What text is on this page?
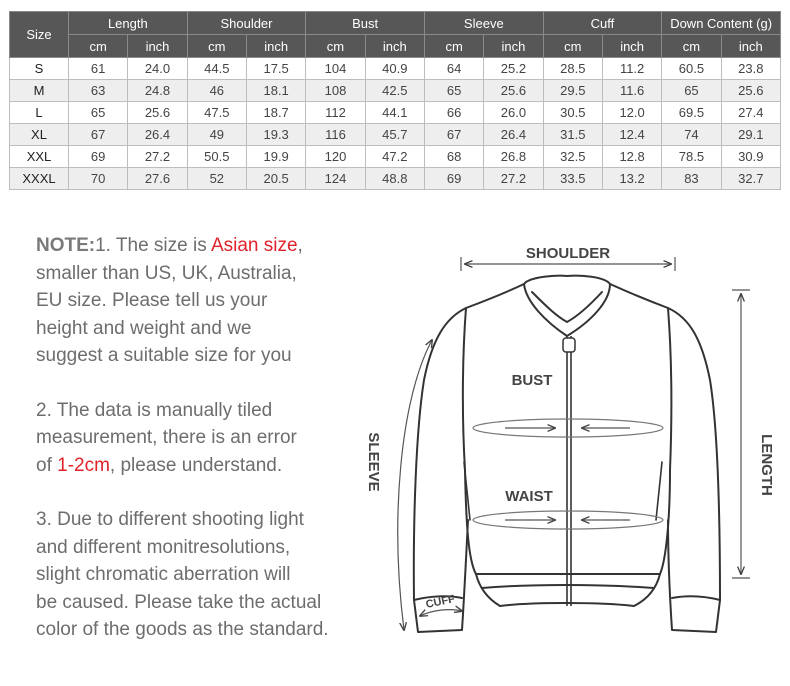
Size	Length		Shoulder		Bust		Sleeve		Cuff		Down Content (g)	
	cm	inch	cm	inch	cm	inch	cm	inch	cm	inch	cm	inch
S	61	24.0	44.5	17.5	104	40.9	64	25.2	28.5	11.2	60.5	23.8
M	63	24.8	46	18.1	108	42.5	65	25.6	29.5	11.6	65	25.6
L	65	25.6	47.5	18.7	112	44.1	66	26.0	30.5	12.0	69.5	27.4
XL	67	26.4	49	19.3	116	45.7	67	26.4	31.5	12.4	74	29.1
XXL	69	27.2	50.5	19.9	120	47.2	68	26.8	32.5	12.8	78.5	30.9
XXXL	70	27.6	52	20.5	124	48.8	69	27.2	33.5	13.2	83	32.7

NOTE:1. The size is Asian size,
smaller than US, UK, Australia,
EU size. Please tell us your
height and weight and we
suggest a suitable size for you

2. The data is manually tiled
measurement, there is an error
of 1-2cm, please understand.

3. Due to different shooting light
and different monitresolutions,
slight chromatic aberration will
be caused. Please take the actual
color of the goods as the standard.

SHOULDER
BUST
WAIST
SLEEVE	LENGTH
CUFF
